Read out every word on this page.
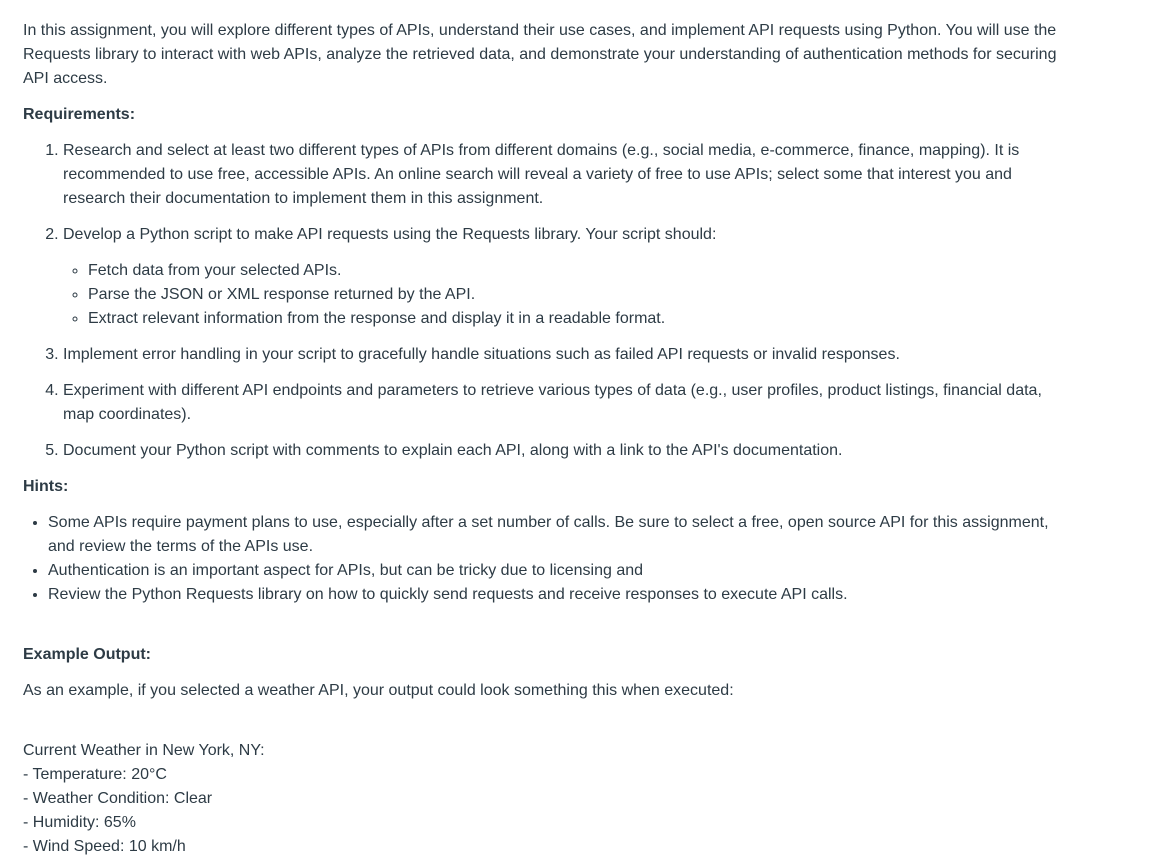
In this assignment, you will explore different types of APIs, understand their use cases, and implement API requests using Python. You will use the Requests library to interact with web APIs, analyze the retrieved data, and demonstrate your understanding of authentication methods for securing API access.

Requirements:

1. Research and select at least two different types of APIs from different domains (e.g., social media, e-commerce, finance, mapping). It is recommended to use free, accessible APIs. An online search will reveal a variety of free to use APIs; select some that interest you and research their documentation to implement them in this assignment.
2. Develop a Python script to make API requests using the Requests library. Your script should:
◦ Fetch data from your selected APIs.
◦ Parse the JSON or XML response returned by the API.
◦ Extract relevant information from the response and display it in a readable format.
3. Implement error handling in your script to gracefully handle situations such as failed API requests or invalid responses.
4. Experiment with different API endpoints and parameters to retrieve various types of data (e.g., user profiles, product listings, financial data, map coordinates).
5. Document your Python script with comments to explain each API, along with a link to the API's documentation.

Hints:

• Some APIs require payment plans to use, especially after a set number of calls. Be sure to select a free, open source API for this assignment, and review the terms of the APIs use.
• Authentication is an important aspect for APIs, but can be tricky due to licensing and
• Review the Python Requests library on how to quickly send requests and receive responses to execute API calls.

Example Output:

As an example, if you selected a weather API, your output could look something this when executed:

Current Weather in New York, NY:

- Temperature: 20°C

- Weather Condition: Clear

- Humidity: 65%

- Wind Speed: 10 km/h
